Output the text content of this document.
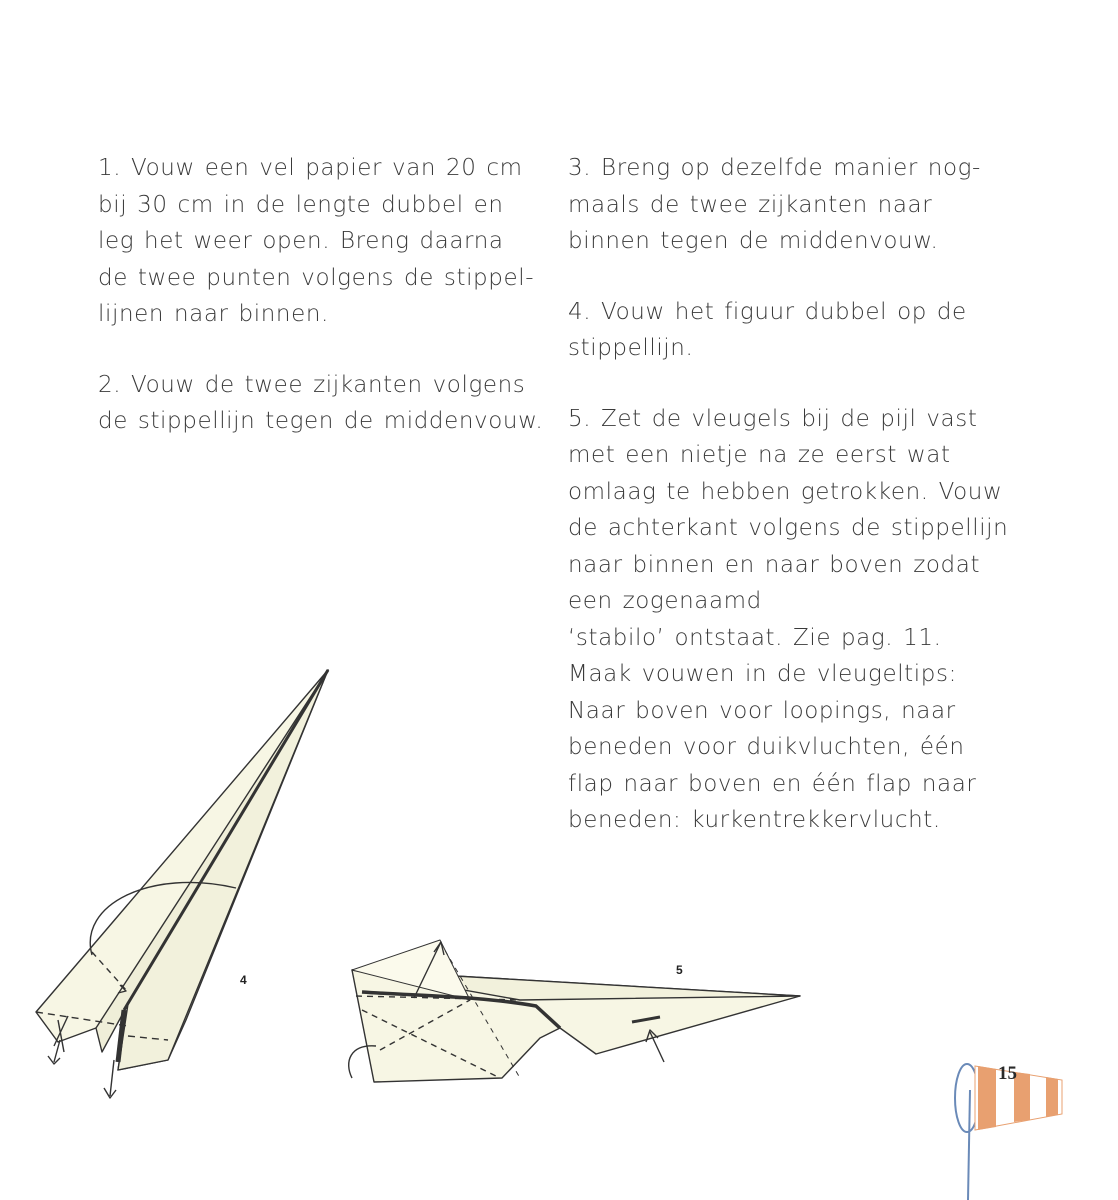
1. Vouw een vel papier van 20 cm
bij 30 cm in de lengte dubbel en
leg het weer open. Breng daarna
de twee punten volgens de stippel-
lijnen naar binnen.
2. Vouw de twee zijkanten volgens
de stippellijn tegen de middenvouw.
3. Breng op dezelfde manier nog-
maals de twee zijkanten naar
binnen tegen de middenvouw.
4. Vouw het figuur dubbel op de
stippellijn.
5. Zet de vleugels bij de pijl vast
met een nietje na ze eerst wat
omlaag te hebben getrokken. Vouw
de achterkant volgens de stippellijn
naar binnen en naar boven zodat
een zogenaamd
‘stabilo’ ontstaat. Zie pag. 11.
Maak vouwen in de vleugeltips:
Naar boven voor loopings, naar
beneden voor duikvluchten, één
flap naar boven en één flap naar
beneden: kurkentrekkervlucht.
4
5
15
